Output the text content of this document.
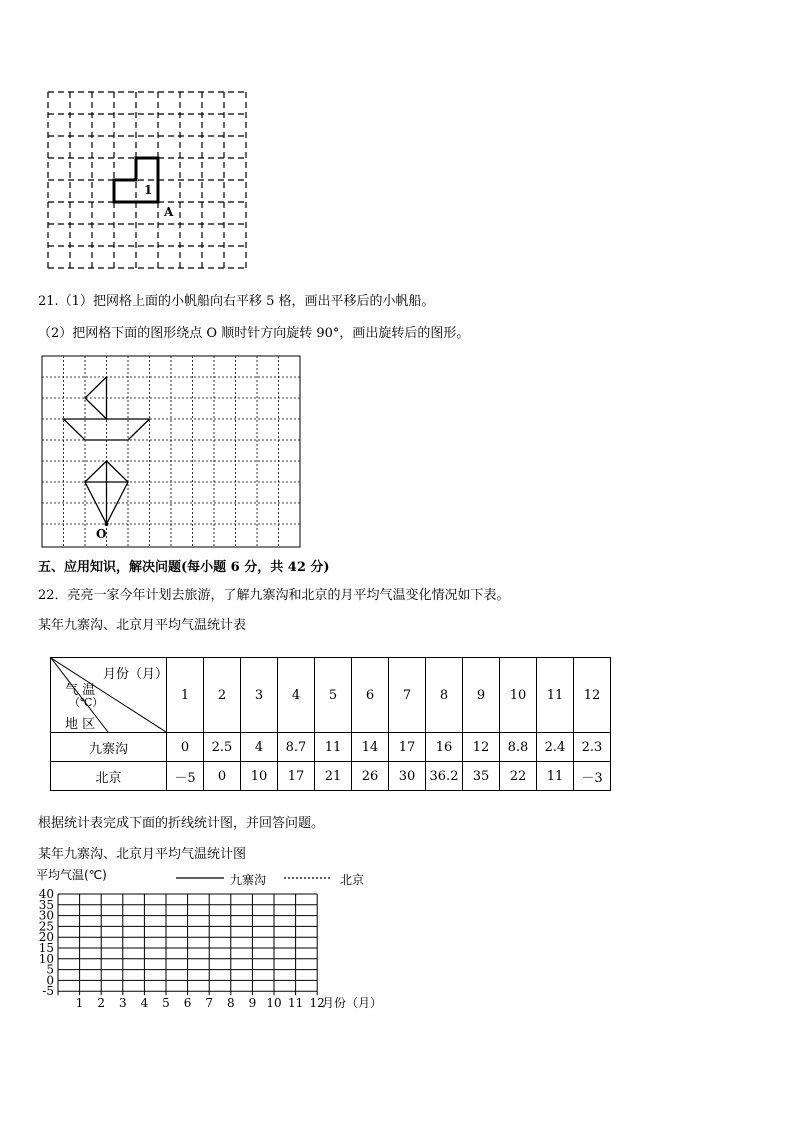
1
A
21.（1）把网格上面的小帆船向右平移 5 格，画出平移后的小帆船。
（2）把网格下面的图形绕点 O 顺时针方向旋转 90°，画出旋转后的图形。
O
五、应用知识，解决问题(每小题 6 分，共 42 分)
22．亮亮一家今年计划去旅游，了解九寨沟和北京的月平均气温变化情况如下表。
某年九寨沟、北京月平均气温统计表
月份（月）
气 温
（℃）
地 区	1	2	3	4	5	6	7	8	9	10	11	12
九寨沟	0	2.5	4	8.7	11	14	17	16	12	8.8	2.4	2.3
北京	－5	0	10	17	21	26	30	36.2	35	22	11	－3
根据统计表完成下面的折线统计图，并回答问题。
某年九寨沟、北京月平均气温统计图
平均气温(℃)	九寨沟	北京
40
35
30
25
20
15
10
5
0
-5
1 2 3 4 5 6 7 8 9 10 11 12
月份（月）
